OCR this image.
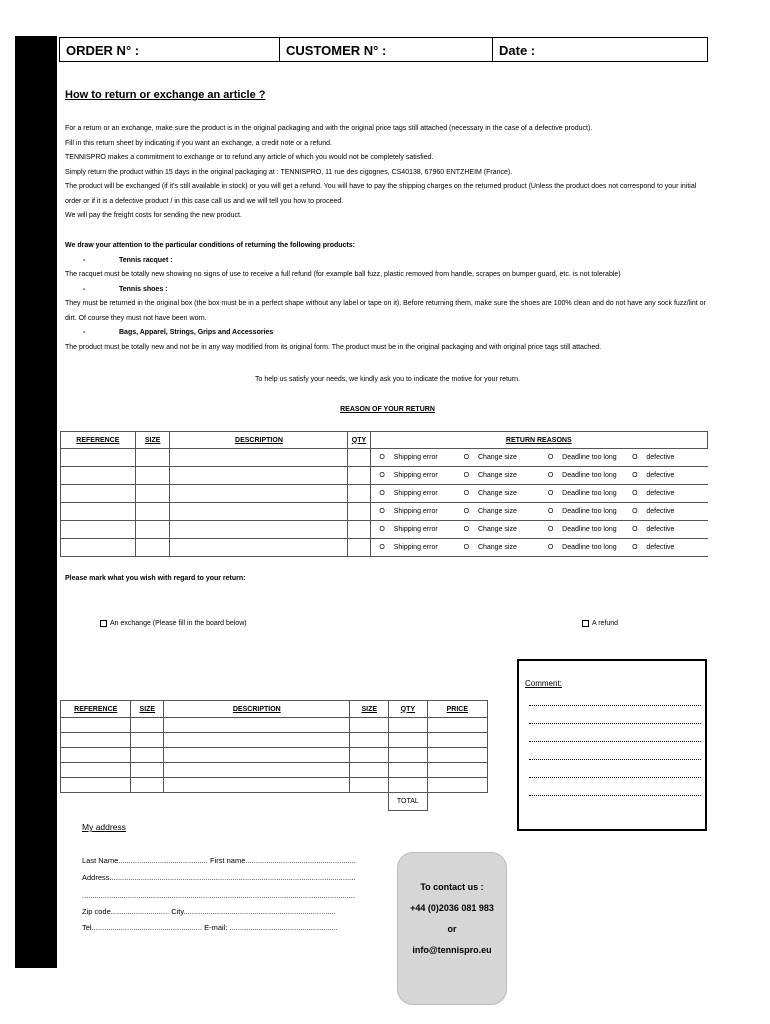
ORDER N° :	CUSTOMER N° :	Date :
How to return or exchange an article ?

For a return or an exchange, make sure the product is in the original packaging and with the original price tags still attached (necessary in the case of a defective product).

Fill in this return sheet by indicating if you want an exchange, a credit note or a refund.

TENNISPRO makes a commitment to exchange or to refund any article of which you would not be completely satisfied.

Simply return the product within 15 days in the original packaging at : TENNISPRO, 11 rue des cigognes, CS40138, 67960 ENTZHEIM (France).

The product will be exchanged (if it's still available in stock) or you will get a refund. You will have to pay the shipping charges on the returned product (Unless the product does not correspond to your initial order or if it is a defective product / in this case call us and we will tell you how to proceed.

We will pay the freight costs for sending the new product.

We draw your attention to the particular conditions of returning the following products:

-	Tennis racquet :

The racquet must be totally new showing no signs of use to receive a full refund (for example ball fuzz, plastic removed from handle, scrapes on bumper guard, etc. is not tolerable)

-	Tennis shoes :

They must be returned in the original box (the box must be in a perfect shape without any label or tape on it). Before returning them, make sure the shoes are 100% clean and do not have any sock fuzz/lint or dirt. Of course they must not have been worn.

-	Bags, Apparel, Strings, Grips and Accessories

The product must be totally new and not be in any way modified from its original form. The product must be in the original packaging and with original price tags still attached.

To help us satisfy your needs, we kindly ask you to indicate the motive for your return.
REASON OF YOUR RETURN
REFERENCE	SIZE	DESCRIPTION	QTY	RETURN REASONS							
				O	Shipping error	O	Change size	O	Deadline too long	O	defective
				O	Shipping error	O	Change size	O	Deadline too long	O	defective
				O	Shipping error	O	Change size	O	Deadline too long	O	defective
				O	Shipping error	O	Change size	O	Deadline too long	O	defective
				O	Shipping error	O	Change size	O	Deadline too long	O	defective
				O	Shipping error	O	Change size	O	Deadline too long	O	defective
Please mark what you wish with regard to your return:
An exchange (Please fill in the board below)	A refund
REFERENCE	SIZE	DESCRIPTION	SIZE	QTY	PRICE

				TOTAL	
Comment:
My address
Last Name........................................... First name.....................................................
Address......................................................................................................................
...................................................................................................................................
Zip code............................ City.........................................................................
Tel..................................................... E-mail: ....................................................
To contact us :
+44 (0)2036 081 983
or
info@tennispro.eu
